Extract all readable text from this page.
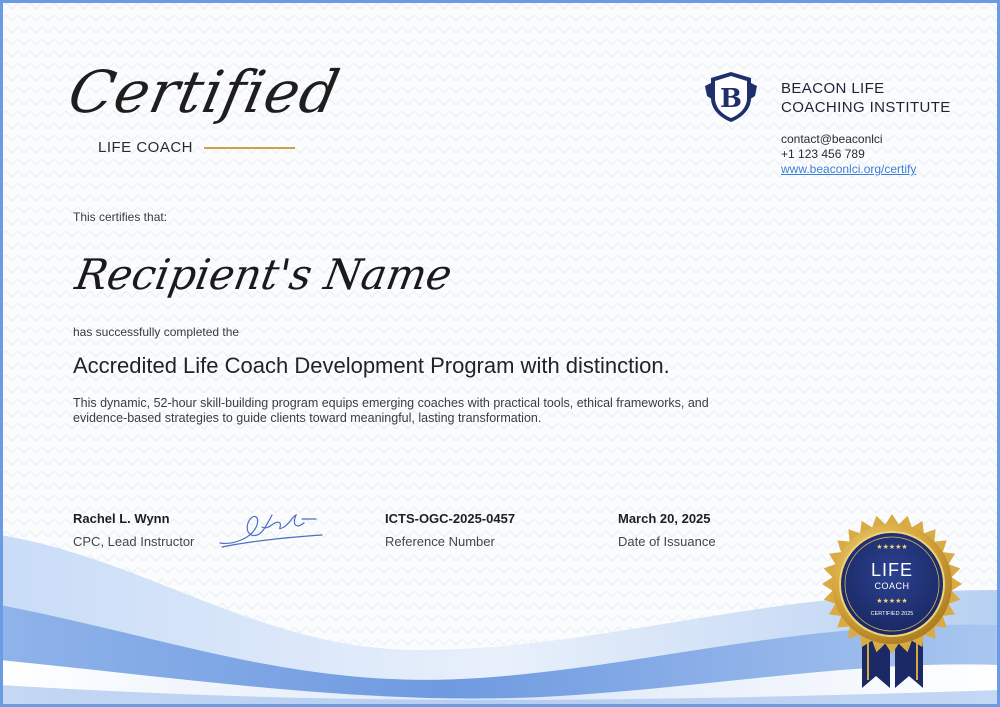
Certified
LIFE COACH
B
★★★	BEACON LIFE
COACHING INSTITUTE
contact@beaconlci
+1 123 456 789
www.beaconlci.org/certify
This certifies that:
Recipient's Name
has successfully completed the
Accredited Life Coach Development Program with distinction.
This dynamic, 52-hour skill-building program equips emerging coaches with practical tools, ethical frameworks, and evidence-based strategies to guide clients toward meaningful, lasting transformation.
Rachel L. Wynn
CPC, Lead Instructor
ICTS-OGC-2025-0457
Reference Number
March 20, 2025
Date of Issuance	★★★★★
LIFE
COACH
★★★★★
CERTIFIED 2025
